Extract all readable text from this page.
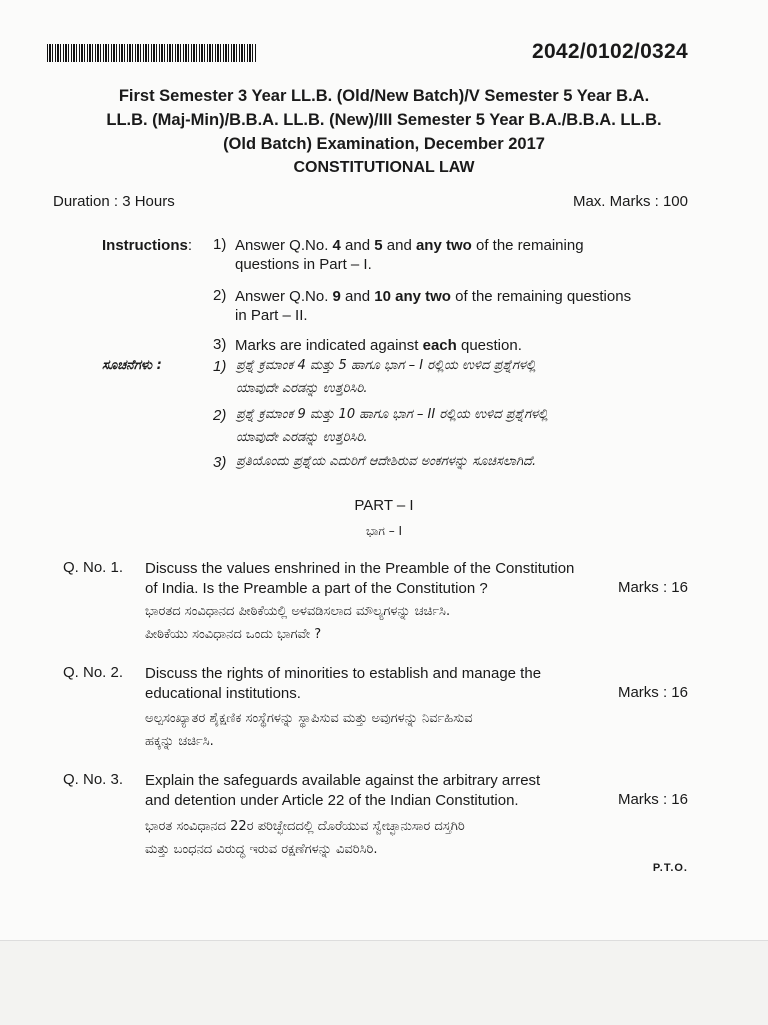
2042/0102/0324
First Semester 3 Year LL.B. (Old/New Batch)/V Semester 5 Year B.A.
LL.B. (Maj-Min)/B.B.A. LL.B. (New)/III Semester 5 Year B.A./B.B.A. LL.B.
(Old Batch) Examination, December 2017
CONSTITUTIONAL LAW
Duration : 3 Hours	Max. Marks : 100
Instructions: 1) Answer Q.No. 4 and 5 and any two of the remaining
questions in Part – I.
2) Answer Q.No. 9 and 10 any two of the remaining questions
in Part – II.
3) Marks are indicated against each question.
ಸೂಚನೆಗಳು :	1) ಪ್ರಶ್ನೆ ಕ್ರಮಾಂಕ 4 ಮತ್ತು 5 ಹಾಗೂ ಭಾಗ – I ರಲ್ಲಿಯ ಉಳಿದ ಪ್ರಶ್ನೆಗಳಲ್ಲಿ
ಯಾವುದೇ ಎರಡನ್ನು ಉತ್ತರಿಸಿರಿ.
2) ಪ್ರಶ್ನೆ ಕ್ರಮಾಂಕ 9 ಮತ್ತು 10 ಹಾಗೂ ಭಾಗ – II ರಲ್ಲಿಯ ಉಳಿದ ಪ್ರಶ್ನೆಗಳಲ್ಲಿ
ಯಾವುದೇ ಎರಡನ್ನು ಉತ್ತರಿಸಿರಿ.
3) ಪ್ರತಿಯೊಂದು ಪ್ರಶ್ನೆಯ ಎದುರಿಗೆ ಆದೇಶಿರುವ ಅಂಕಗಳನ್ನು ಸೂಚಿಸಲಾಗಿದೆ.
PART – I
ಭಾಗ – I
Q. No. 1. Discuss the values enshrined in the Preamble of the Constitution
of India. Is the Preamble a part of the Constitution ?	Marks : 16
ಭಾರತದ ಸಂವಿಧಾನದ ಪೀಠಿಕೆಯಲ್ಲಿ ಅಳವಡಿಸಲಾದ ಮೌಲ್ಯಗಳನ್ನು ಚರ್ಚಿಸಿ.
ಪೀಠಿಕೆಯು ಸಂವಿಧಾನದ ಒಂದು ಭಾಗವೇ ?
Q. No. 2. Discuss the rights of minorities to establish and manage the
educational institutions.	Marks : 16
ಅಲ್ಪಸಂಖ್ಯಾತರ ಶೈಕ್ಷಣಿಕ ಸಂಸ್ಥೆಗಳನ್ನು ಸ್ಥಾಪಿಸುವ ಮತ್ತು ಅವುಗಳನ್ನು ನಿರ್ವಹಿಸುವ
ಹಕ್ಕನ್ನು ಚರ್ಚಿಸಿ.
Q. No. 3. Explain the safeguards available against the arbitrary arrest
and detention under Article 22 of the Indian Constitution.	Marks : 16
ಭಾರತ ಸಂವಿಧಾನದ 22ರ ಪರಿಚ್ಛೇದದಲ್ಲಿ ದೊರೆಯುವ ಸ್ವೇಚ್ಛಾನುಸಾರ ದಸ್ತಗಿರಿ
ಮತ್ತು ಬಂಧನದ ವಿರುದ್ಧ ಇರುವ ರಕ್ಷಣೆಗಳನ್ನು ವಿವರಿಸಿರಿ.
P.T.O.
